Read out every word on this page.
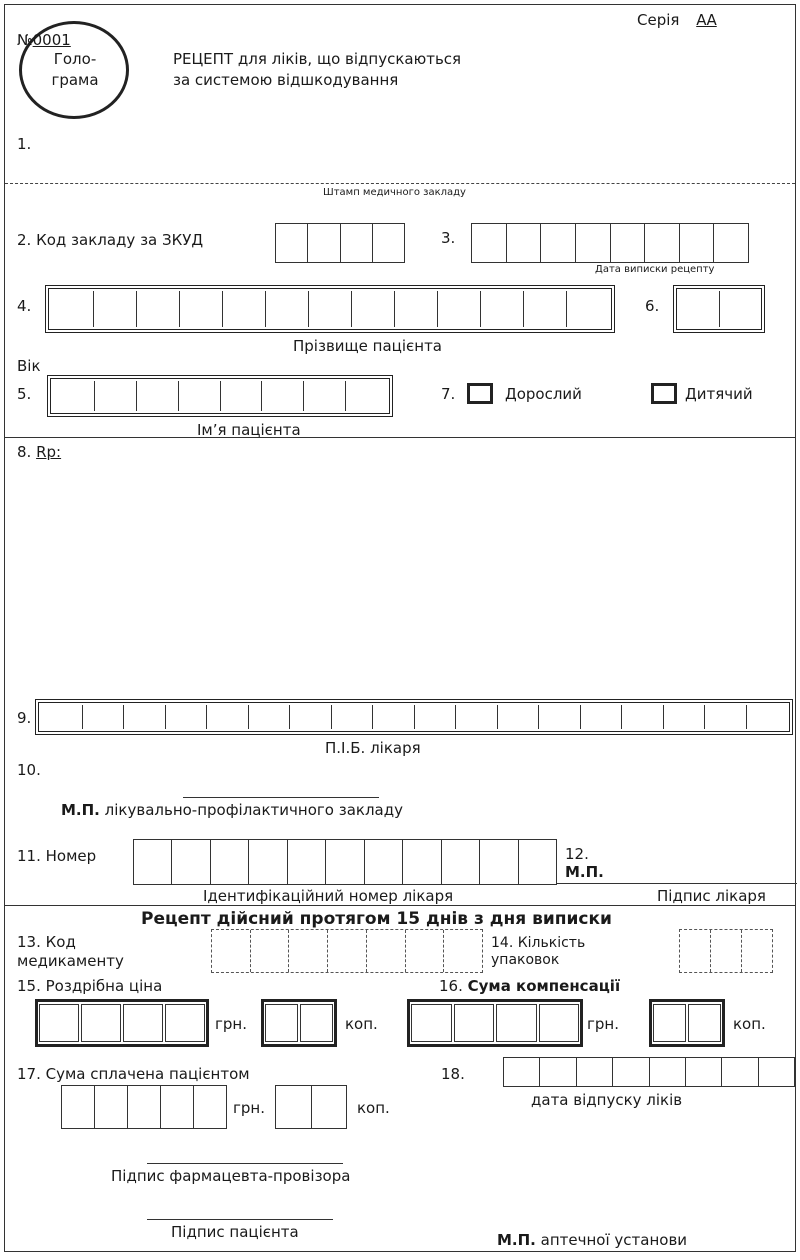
Серія АА
№0001
Голо-
грама
РЕЦЕПТ для ліків, що відпускаються
за системою відшкодування
1.
Штамп медичного закладу
2. Код закладу за ЗКУД	3.
Дата виписки рецепту
4.
Прізвище пацієнта
6.
Вік
5.
Ім’я пацієнта
7.	Дорослий	Дитячий
8. Rp:
9.
П.І.Б. лікаря
10.
М.П. лікувально-профілактичного закладу
11. Номер
Ідентифікаційний номер лікаря
12.
М.П.
Підпис лікаря
Рецепт дійсний протягом 15 днів з дня виписки
13. Код
медикаменту
14. Кількість
упаковок
15. Роздрібна ціна
грн.	коп.
16. Сума компенсації
грн.	коп.
17. Сума сплачена пацієнтом
грн.	коп.
18.
дата відпуску ліків
Підпис фармацевта-провізора
Підпис пацієнта	М.П. аптечної установи
